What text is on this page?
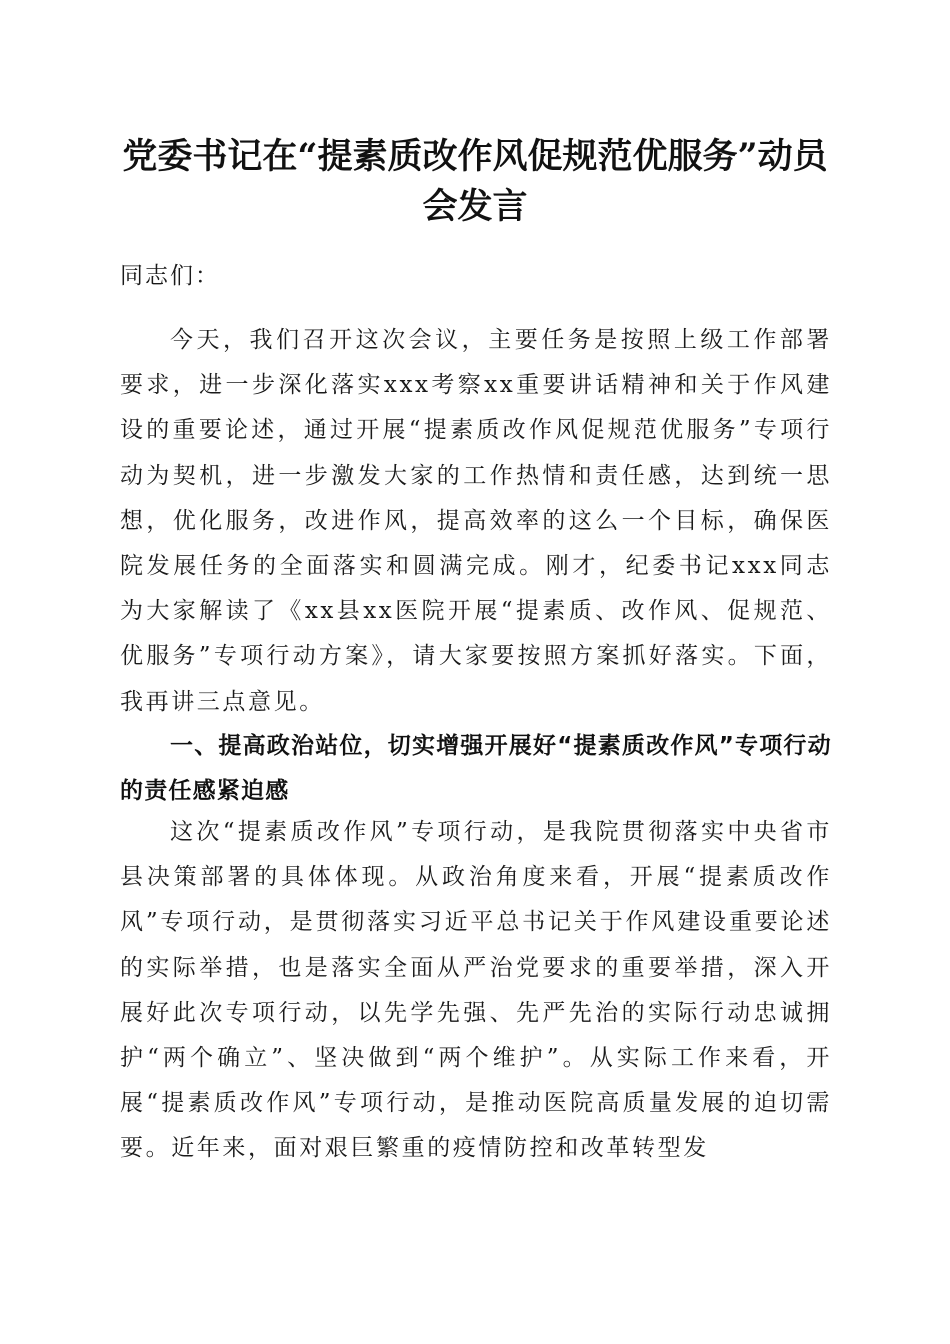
党委书记在“提素质改作风促规范优服务”动员会发言
同志们：
今天，我们召开这次会议，主要任务是按照上级工作部署要求，进一步深化落实xxx考察xx重要讲话精神和关于作风建设的重要论述，通过开展“提素质改作风促规范优服务”专项行动为契机，进一步激发大家的工作热情和责任感，达到统一思想，优化服务，改进作风，提高效率的这么一个目标，确保医院发展任务的全面落实和圆满完成。刚才，纪委书记xxx同志为大家解读了《xx县xx医院开展“提素质、改作风、促规范、优服务”专项行动方案》，请大家要按照方案抓好落实。下面，我再讲三点意见。
一、提高政治站位，切实增强开展好“提素质改作风”专项行动的责任感紧迫感
这次“提素质改作风”专项行动，是我院贯彻落实中央省市县决策部署的具体体现。从政治角度来看，开展“提素质改作风”专项行动，是贯彻落实习近平总书记关于作风建设重要论述的实际举措，也是落实全面从严治党要求的重要举措，深入开展好此次专项行动，以先学先强、先严先治的实际行动忠诚拥护“两个确立”、坚决做到“两个维护”。从实际工作来看，开展“提素质改作风”专项行动，是推动医院高质量发展的迫切需要。近年来，面对艰巨繁重的疫情防控和改革转型发
